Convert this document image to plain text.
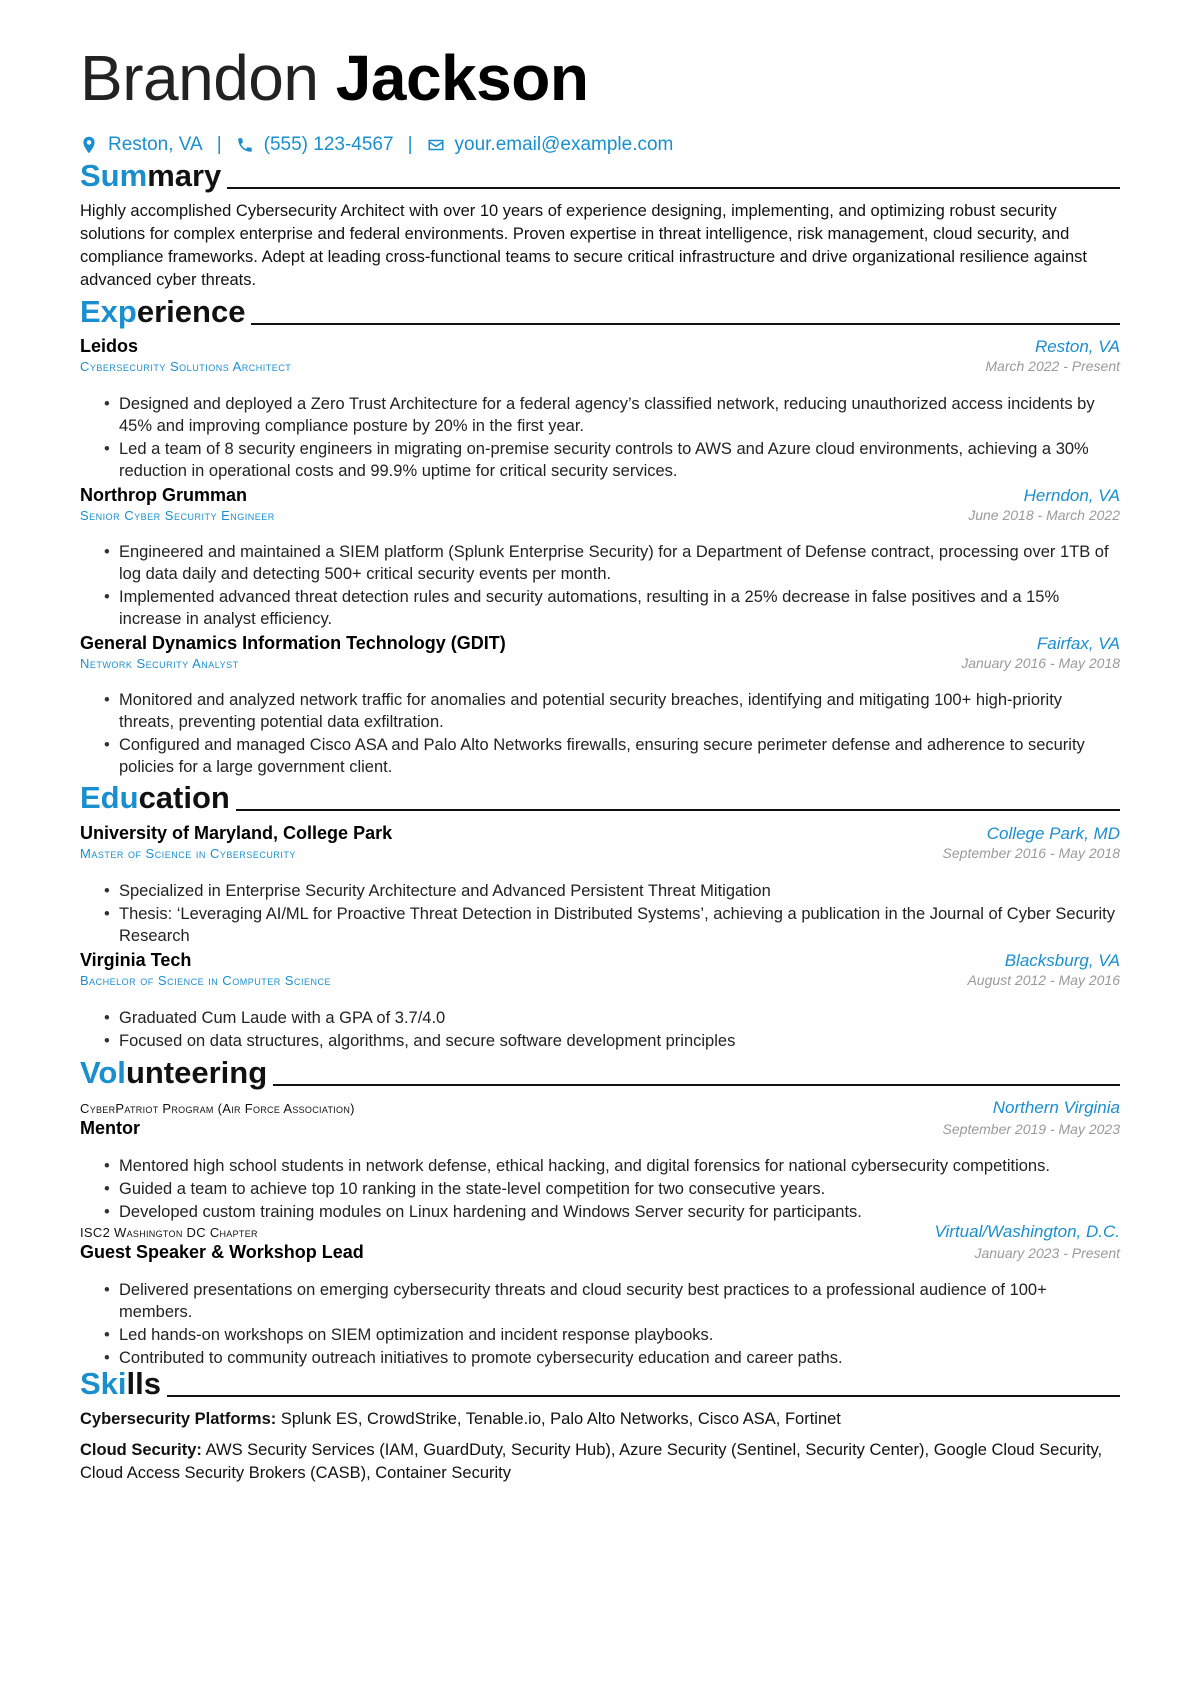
Brandon Jackson
Reston, VA | (555) 123-4567 | your.email@example.com
Summary
Highly accomplished Cybersecurity Architect with over 10 years of experience designing, implementing, and optimizing robust security solutions for complex enterprise and federal environments. Proven expertise in threat intelligence, risk management, cloud security, and compliance frameworks. Adept at leading cross-functional teams to secure critical infrastructure and drive organizational resilience against advanced cyber threats.
Experience
Leidos	Reston, VA
Cybersecurity Solutions Architect	March 2022 - Present
• Designed and deployed a Zero Trust Architecture for a federal agency’s classified network, reducing unauthorized access incidents by 45% and improving compliance posture by 20% in the first year.
• Led a team of 8 security engineers in migrating on-premise security controls to AWS and Azure cloud environments, achieving a 30% reduction in operational costs and 99.9% uptime for critical security services.
Northrop Grumman	Herndon, VA
Senior Cyber Security Engineer	June 2018 - March 2022
• Engineered and maintained a SIEM platform (Splunk Enterprise Security) for a Department of Defense contract, processing over 1TB of log data daily and detecting 500+ critical security events per month.
• Implemented advanced threat detection rules and security automations, resulting in a 25% decrease in false positives and a 15% increase in analyst efficiency.
General Dynamics Information Technology (GDIT)	Fairfax, VA
Network Security Analyst	January 2016 - May 2018
• Monitored and analyzed network traffic for anomalies and potential security breaches, identifying and mitigating 100+ high-priority threats, preventing potential data exfiltration.
• Configured and managed Cisco ASA and Palo Alto Networks firewalls, ensuring secure perimeter defense and adherence to security policies for a large government client.
Education
University of Maryland, College Park	College Park, MD
Master of Science in Cybersecurity	September 2016 - May 2018
• Specialized in Enterprise Security Architecture and Advanced Persistent Threat Mitigation
• Thesis: ‘Leveraging AI/ML for Proactive Threat Detection in Distributed Systems’, achieving a publication in the Journal of Cyber Security Research
Virginia Tech	Blacksburg, VA
Bachelor of Science in Computer Science	August 2012 - May 2016
• Graduated Cum Laude with a GPA of 3.7/4.0
• Focused on data structures, algorithms, and secure software development principles
Volunteering
CyberPatriot Program (Air Force Association)	Northern Virginia
Mentor	September 2019 - May 2023
• Mentored high school students in network defense, ethical hacking, and digital forensics for national cybersecurity competitions.
• Guided a team to achieve top 10 ranking in the state-level competition for two consecutive years.
• Developed custom training modules on Linux hardening and Windows Server security for participants.
ISC2 Washington DC Chapter	Virtual/Washington, D.C.
Guest Speaker & Workshop Lead	January 2023 - Present
• Delivered presentations on emerging cybersecurity threats and cloud security best practices to a professional audience of 100+ members.
• Led hands-on workshops on SIEM optimization and incident response playbooks.
• Contributed to community outreach initiatives to promote cybersecurity education and career paths.
Skills
Cybersecurity Platforms: Splunk ES, CrowdStrike, Tenable.io, Palo Alto Networks, Cisco ASA, Fortinet
Cloud Security: AWS Security Services (IAM, GuardDuty, Security Hub), Azure Security (Sentinel, Security Center), Google Cloud Security, Cloud Access Security Brokers (CASB), Container Security
